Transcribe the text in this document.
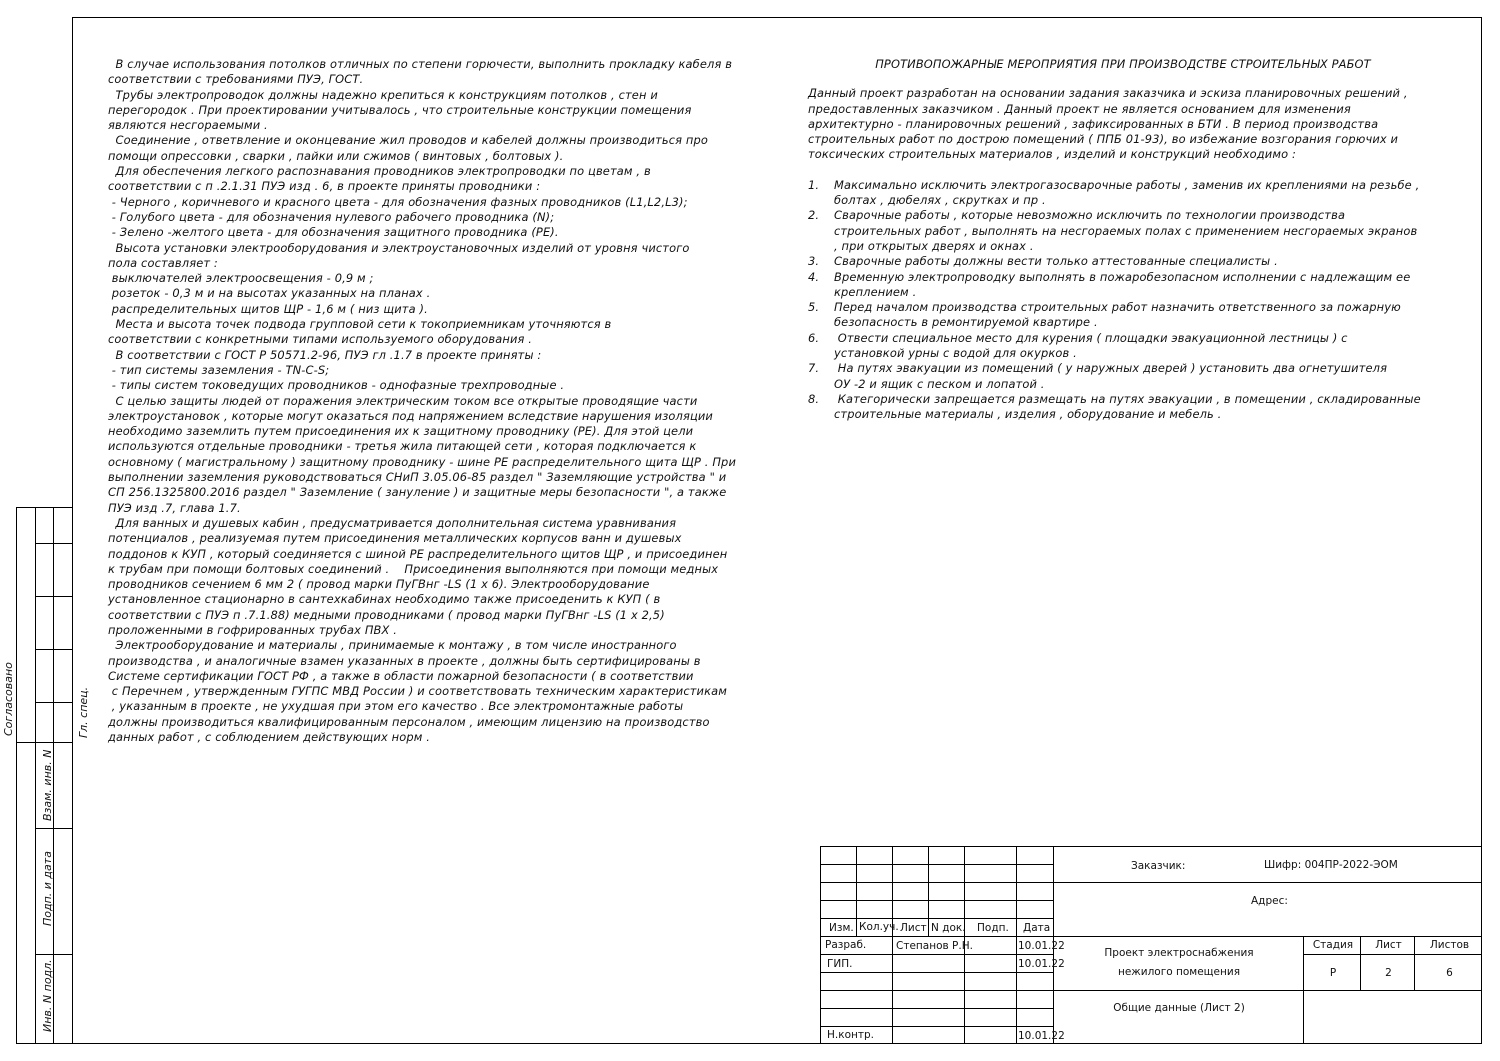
Гл. спец.
Взам. инв. N
Подп. и дата
Инв. N подл.
Согласовано

В случае использования потолков отличных по степени горючести, выполнить прокладку кабеля в

соответствии с требованиями ПУЭ, ГОСТ.

Трубы электропроводок должны надежно крепиться к конструкциям потолков , стен и

перегородок . При проектировании учитывалось , что строительные конструкции помещения

являются несгораемыми .

Соединение , ответвление и оконцевание жил проводов и кабелей должны производиться про

помощи опрессовки , сварки , пайки или сжимов ( винтовых , болтовых ).

Для обеспечения легкого распознавания проводников электропроводки по цветам , в

соответствии с п .2.1.31 ПУЭ изд . 6, в проекте приняты проводники :

- Черного , коричневого и красного цвета - для обозначения фазных проводников (L1,L2,L3);

- Голубого цвета - для обозначения нулевого рабочего проводника (N);

- Зелено -желтого цвета - для обозначения защитного проводника (PE).

Высота установки электрооборудования и электроустановочных изделий от уровня чистого

пола составляет :

выключателей электроосвещения - 0,9 м ;

розеток - 0,3 м и на высотах указанных на планах .

распределительных щитов ЩР - 1,6 м ( низ щита ).

Места и высота точек подвода групповой сети к токоприемникам уточняются в

соответствии с конкретными типами используемого оборудования .

В соответствии с ГОСТ Р 50571.2-96, ПУЭ гл .1.7 в проекте приняты :

- тип системы заземления - TN-C-S;

- типы систем токоведущих проводников - однофазные трехпроводные .

С целью защиты людей от поражения электрическим током все открытые проводящие части

электроустановок , которые могут оказаться под напряжением вследствие нарушения изоляции

необходимо заземлить путем присоединения их к защитному проводнику (PE). Для этой цели

используются отдельные проводники - третья жила питающей сети , которая подключается к

основному ( магистральному ) защитному проводнику - шине PE распределительного щита ЩР . При

выполнении заземления руководствоваться СНиП 3.05.06-85 раздел " Заземляющие устройства " и

СП 256.1325800.2016 раздел " Заземление ( зануление ) и защитные меры безопасности ", а также

ПУЭ изд .7, глава 1.7.

Для ванных и душевых кабин , предусматривается дополнительная система уравнивания

потенциалов , реализуемая путем присоединения металлических корпусов ванн и душевых

поддонов к КУП , который соединяется с шиной PE распределительного щитов ЩР , и присоединен

к трубам при помощи болтовых соединений .    Присоединения выполняются при помощи медных

проводников сечением 6 мм 2 ( провод марки ПуГВнг -LS (1 х 6). Электрооборудование

установленное стационарно в сантехкабинах необходимо также присоеденить к КУП ( в

соответствии с ПУЭ п .7.1.88) медными проводниками ( провод марки ПуГВнг -LS (1 х 2,5)

проложенными в гофрированных трубах ПВХ .

Электрооборудование и материалы , принимаемые к монтажу , в том числе иностранного

производства , и аналогичные взамен указанных в проекте , должны быть сертифицированы в

Системе сертификации ГОСТ РФ , а также в области пожарной безопасности ( в соответствии

с Перечнем , утвержденным ГУГПС МВД России ) и соответствовать техническим характеристикам

, указанным в проекте , не ухудшая при этом его качество . Все электромонтажные работы

должны производиться квалифицированным персоналом , имеющим лицензию на производство

данных работ , с соблюдением действующих норм .

ПРОТИВОПОЖАРНЫЕ МЕРОПРИЯТИЯ ПРИ ПРОИЗВОДСТВЕ СТРОИТЕЛЬНЫХ РАБОТ

Данный проект разработан на основании задания заказчика и эскиза планировочных решений ,

предоставленных заказчиком . Данный проект не является основанием для изменения

архитектурно - планировочных решений , зафиксированных в БТИ . В период производства

строительных работ по дострою помещений ( ППБ 01-93), во избежание возгорания горючих и

токсических строительных материалов , изделий и конструкций необходимо :

1. Максимально исключить электрогазосварочные работы , заменив их креплениями на резьбе ,

болтах , дюбелях , скрутках и пр .

2. Сварочные работы , которые невозможно исключить по технологии производства

строительных работ , выполнять на несгораемых полах с применением несгораемых экранов

, при открытых дверях и окнах .

3. Сварочные работы должны вести только аттестованные специалисты .

4. Временную электропроводку выполнять в пожаробезопасном исполнении с надлежащим ее

креплением .

5. Перед началом производства строительных работ назначить ответственного за пожарную

безопасность в ремонтируемой квартире .

6. Отвести специальное место для курения ( площадки эвакуационной лестницы ) с

установкой урны с водой для окурков .

7. На путях эвакуации из помещений ( у наружных дверей ) установить два огнетушителя

ОУ -2 и ящик с песком и лопатой .

8. Категорически запрещается размещать на путях эвакуации , в помещении , складированные

строительные материалы , изделия , оборудование и мебель .

Изм. Кол.уч. Лист N док. Подп. Дата
Разраб.	Степанов Р.Н.	10.01.22
ГИП.	10.01.22
Н.контр.	10.01.22
Заказчик:	Шифр: 004ПР-2022-ЭОМ
Адрес:
Проект электроснабжения
нежилого помещения
Общие данные (Лист 2)
Стадия	Лист	Листов
Р	2	6
